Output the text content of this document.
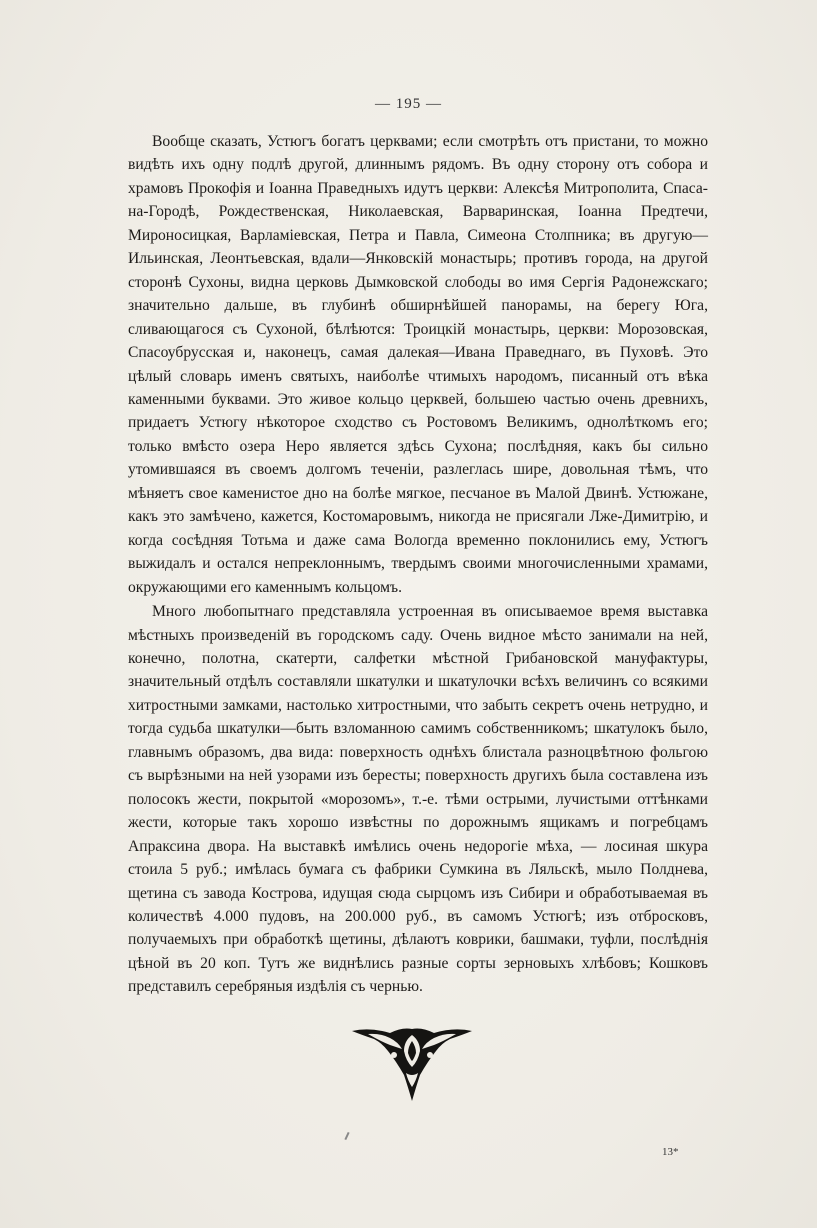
— 195 —

Вообще сказать, Устюгъ богатъ церквами; если смотрѣть отъ пристани, то можно видѣть ихъ одну подлѣ другой, длиннымъ рядомъ. Въ одну сторону отъ собора и храмовъ Прокофія и Іоанна Праведныхъ идутъ церкви: Алексѣя Митрополита, Спаса-на-Городѣ, Рождественская, Николаевская, Варваринская, Іоанна Предтечи, Мироносицкая, Варламіевская, Петра и Павла, Симеона Столпника; въ другую—Ильинская, Леонтьевская, вдали—Янковскій монастырь; противъ города, на другой сторонѣ Сухоны, видна церковь Дымковской слободы во имя Сергія Радонежскаго; значительно дальше, въ глубинѣ обширнѣйшей панорамы, на берегу Юга, сливающагося съ Сухоной, бѣлѣются: Троицкій монастырь, церкви: Морозовская, Спасоубрусская и, наконецъ, самая далекая—Ивана Праведнаго, въ Пуховѣ. Это цѣлый словарь именъ святыхъ, наиболѣе чтимыхъ народомъ, писанный отъ вѣка каменными буквами. Это живое кольцо церквей, большею частью очень древнихъ, придаетъ Устюгу нѣкоторое сходство съ Ростовомъ Великимъ, однолѣткомъ его; только вмѣсто озера Неро является здѣсь Сухона; послѣдняя, какъ бы сильно утомившаяся въ своемъ долгомъ теченіи, разлеглась шире, довольная тѣмъ, что мѣняетъ свое каменистое дно на болѣе мягкое, песчаное въ Малой Двинѣ. Устюжане, какъ это замѣчено, кажется, Костомаровымъ, никогда не присягали Лже-Димитрію, и когда сосѣдняя Тотьма и даже сама Вологда временно поклонились ему, Устюгъ выжидалъ и остался непреклоннымъ, твердымъ своими многочисленными храмами, окружающими его каменнымъ кольцомъ.

Много любопытнаго представляла устроенная въ описываемое время выставка мѣстныхъ произведеній въ городскомъ саду. Очень видное мѣсто занимали на ней, конечно, полотна, скатерти, салфетки мѣстной Грибановской мануфактуры, значительный отдѣлъ составляли шкатулки и шкатулочки всѣхъ величинъ со всякими хитростными замками, настолько хитростными, что забыть секретъ очень нетрудно, и тогда судьба шкатулки—быть взломанною самимъ собственникомъ; шкатулокъ было, главнымъ образомъ, два вида: поверхность однѣхъ блистала разноцвѣтною фольгою съ вырѣзными на ней узорами изъ бересты; поверхность другихъ была составлена изъ полосокъ жести, покрытой «морозомъ», т.-е. тѣми острыми, лучистыми оттѣнками жести, которые такъ хорошо извѣстны по дорожнымъ ящикамъ и погребцамъ Апраксина двора. На выставкѣ имѣлись очень недорогіе мѣха, — лосиная шкура стоила 5 руб.; имѣлась бумага съ фабрики Сумкина въ Ляльскѣ, мыло Полднева, щетина съ завода Кострова, идущая сюда сырцомъ изъ Сибири и обработываемая въ количествѣ 4.000 пудовъ, на 200.000 руб., въ самомъ Устюгѣ; изъ отбросковъ, получаемыхъ при обработкѣ щетины, дѣлаютъ коврики, башмаки, туфли, послѣднія цѣной въ 20 коп. Тутъ же виднѣлись разные сорты зерновыхъ хлѣбовъ; Кошковъ представилъ серебряныя издѣлія съ чернью.

13*
